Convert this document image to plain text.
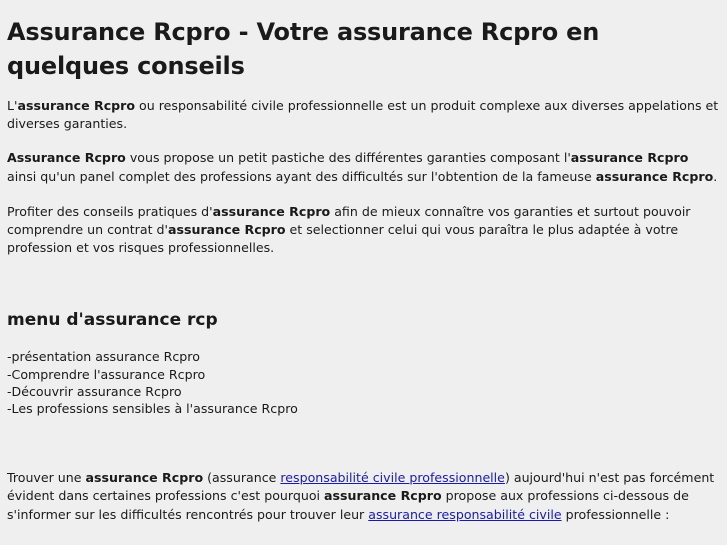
Assurance Rcpro - Votre assurance Rcpro en quelques conseils

L'assurance Rcpro ou responsabilité civile professionnelle est un produit complexe aux diverses appelations et diverses garanties.

Assurance Rcpro vous propose un petit pastiche des différentes garanties composant l'assurance Rcpro ainsi qu'un panel complet des professions ayant des difficultés sur l'obtention de la fameuse assurance Rcpro.

Profiter des conseils pratiques d'assurance Rcpro afin de mieux connaître vos garanties et surtout pouvoir comprendre un contrat d'assurance Rcpro et selectionner celui qui vous paraîtra le plus adaptée à votre profession et vos risques professionnelles.

menu d'assurance rcp
-présentation assurance Rcpro
-Comprendre l'assurance Rcpro
-Découvrir assurance Rcpro
-Les professions sensibles à l'assurance Rcpro

Trouver une assurance Rcpro (assurance responsabilité civile professionnelle) aujourd'hui n'est pas forcément évident dans certaines professions c'est pourquoi assurance Rcpro propose aux professions ci-dessous de s'informer sur les difficultés rencontrés pour trouver leur assurance responsabilité civile professionnelle :
